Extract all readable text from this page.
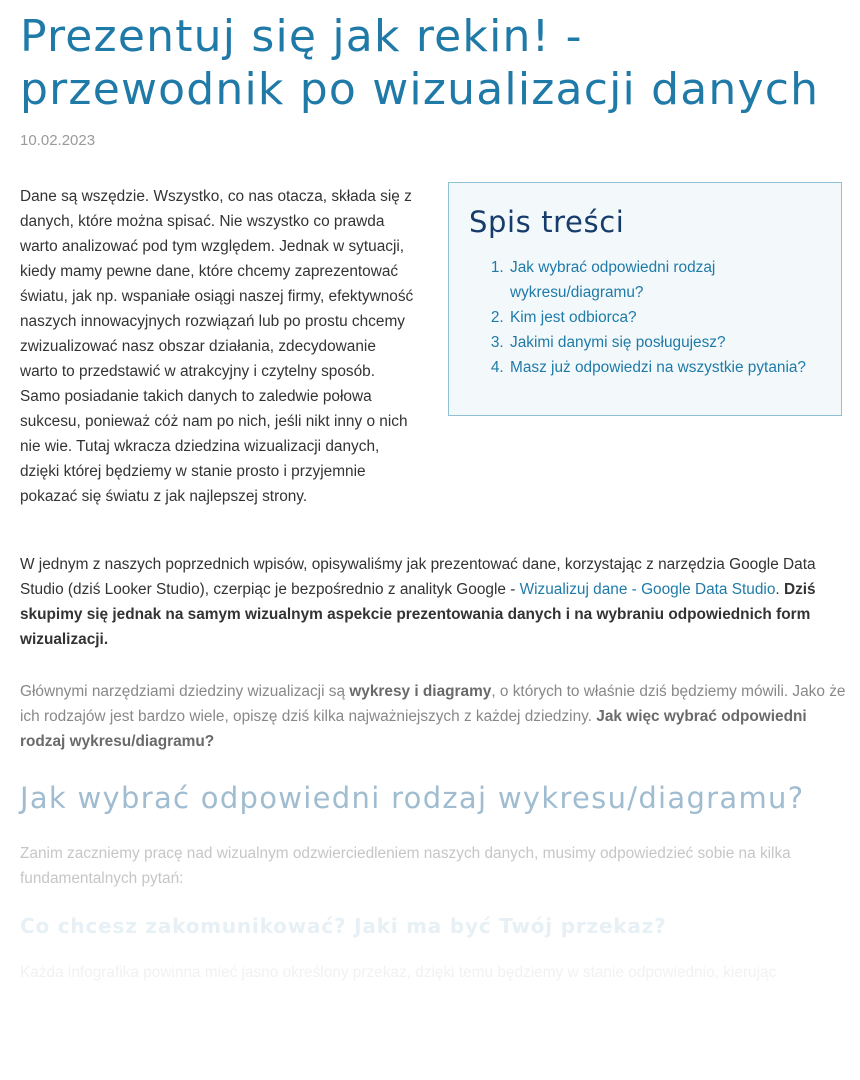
Prezentuj się jak rekin! - przewodnik po wizualizacji danych
10.02.2023

Dane są wszędzie. Wszystko, co nas otacza, składa się z danych, które można spisać. Nie wszystko co prawda warto analizować pod tym względem. Jednak w sytuacji, kiedy mamy pewne dane, które chcemy zaprezentować światu, jak np. wspaniałe osiągi naszej firmy, efektywność naszych innowacyjnych rozwiązań lub po prostu chcemy zwizualizować nasz obszar działania, zdecydowanie warto to przedstawić w atrakcyjny i czytelny sposób. Samo posiadanie takich danych to zaledwie połowa sukcesu, ponieważ cóż nam po nich, jeśli nikt inny o nich nie wie. Tutaj wkracza dziedzina wizualizacji danych, dzięki której będziemy w stanie prosto i przyjemnie pokazać się światu z jak najlepszej strony.

Spis treści
1. Jak wybrać odpowiedni rodzaj wykresu/diagramu?
2. Kim jest odbiorca?
3. Jakimi danymi się posługujesz?
4. Masz już odpowiedzi na wszystkie pytania?

W jednym z naszych poprzednich wpisów, opisywaliśmy jak prezentować dane, korzystając z narzędzia Google Data Studio (dziś Looker Studio), czerpiąc je bezpośrednio z analityk Google - Wizualizuj dane - Google Data Studio. Dziś skupimy się jednak na samym wizualnym aspekcie prezentowania danych i na wybraniu odpowiednich form wizualizacji.

Głównymi narzędziami dziedziny wizualizacji są wykresy i diagramy, o których to właśnie dziś będziemy mówili. Jako że ich rodzajów jest bardzo wiele, opiszę dziś kilka najważniejszych z każdej dziedziny. Jak więc wybrać odpowiedni rodzaj wykresu/diagramu?

Jak wybrać odpowiedni rodzaj wykresu/diagramu?

Zanim zaczniemy pracę nad wizualnym odzwierciedleniem naszych danych, musimy odpowiedzieć sobie na kilka fundamentalnych pytań:

Co chcesz zakomunikować? Jaki ma być Twój przekaz?

Każda infografika powinna mieć jasno określony przekaz, dzięki temu będziemy w stanie odpowiednio, kierując
